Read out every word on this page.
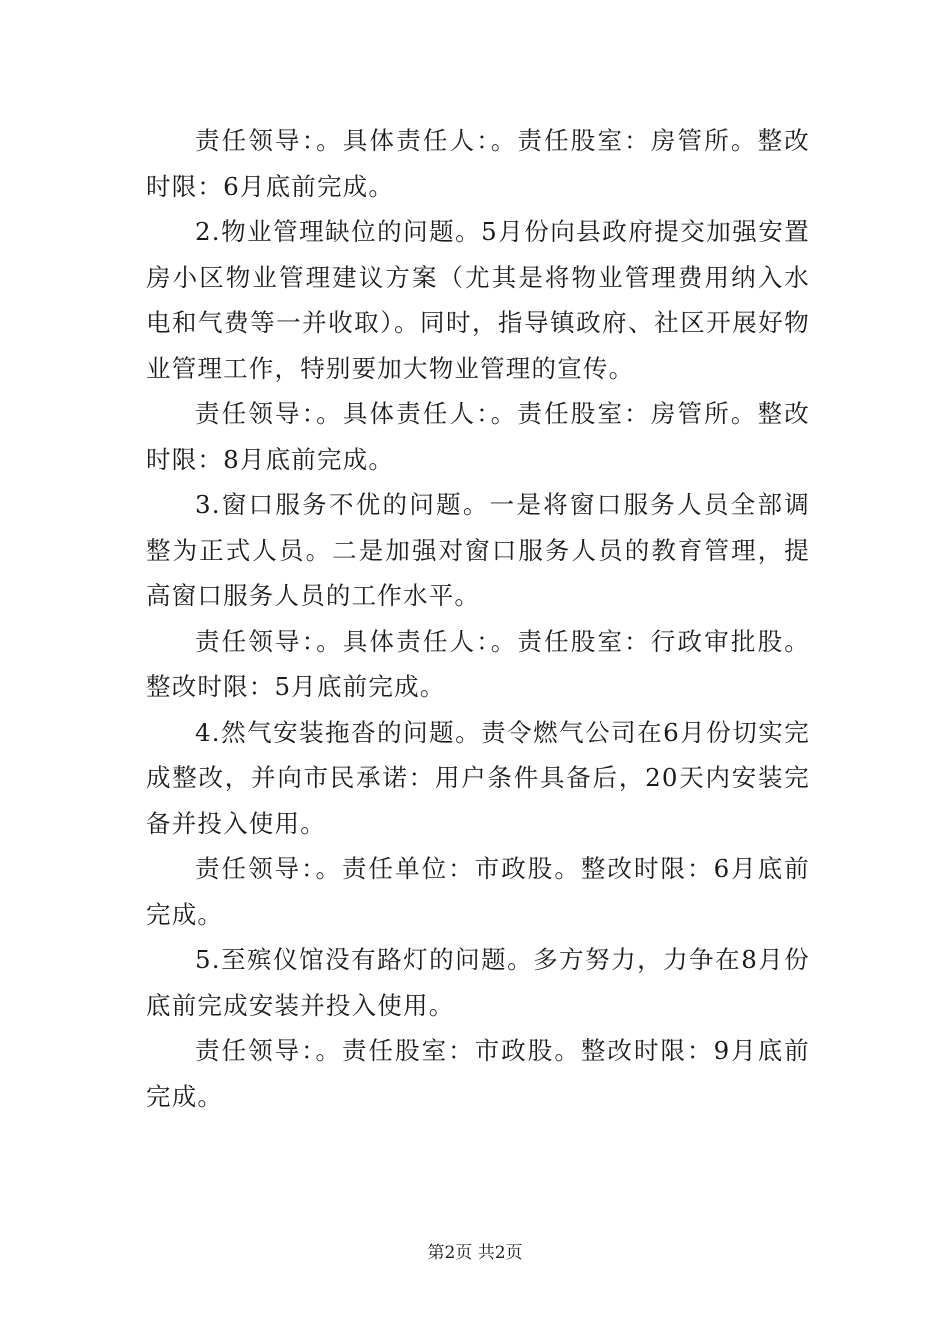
责任领导：。具体责任人：。责任股室：房管所。整改时限：6月底前完成。

2.物业管理缺位的问题。5月份向县政府提交加强安置房小区物业管理建议方案（尤其是将物业管理费用纳入水电和气费等一并收取）。同时，指导镇政府、社区开展好物业管理工作，特别要加大物业管理的宣传。

责任领导：。具体责任人：。责任股室：房管所。整改时限：8月底前完成。

3.窗口服务不优的问题。一是将窗口服务人员全部调整为正式人员。二是加强对窗口服务人员的教育管理，提高窗口服务人员的工作水平。

责任领导：。具体责任人：。责任股室：行政审批股。整改时限：5月底前完成。

4.然气安装拖沓的问题。责令燃气公司在6月份切实完成整改，并向市民承诺：用户条件具备后，20天内安装完备并投入使用。

责任领导：。责任单位：市政股。整改时限：6月底前完成。

5.至殡仪馆没有路灯的问题。多方努力，力争在8月份底前完成安装并投入使用。

责任领导：。责任股室：市政股。整改时限：9月底前完成。

第2页 共2页
